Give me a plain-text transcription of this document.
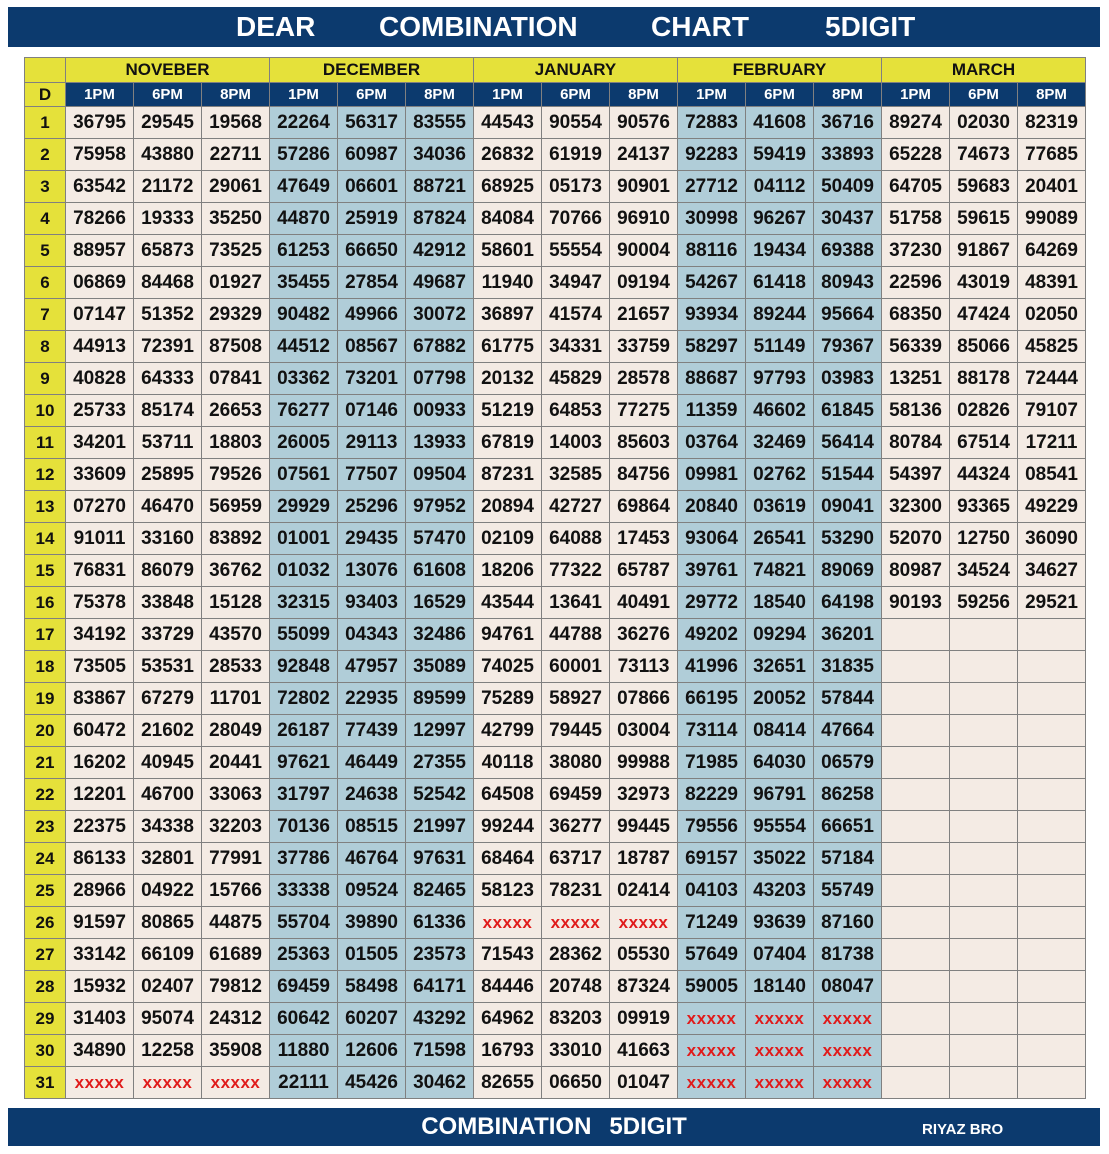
DEAR COMBINATION	CHART	5DIGIT
	NOVEBER			DECEMBER			JANUARY			FEBRUARY			MARCH		
D	1PM	6PM	8PM	1PM	6PM	8PM	1PM	6PM	8PM	1PM	6PM	8PM	1PM	6PM	8PM
1	36795	29545	19568	22264	56317	83555	44543	90554	90576	72883	41608	36716	89274	02030	82319
2	75958	43880	22711	57286	60987	34036	26832	61919	24137	92283	59419	33893	65228	74673	77685
3	63542	21172	29061	47649	06601	88721	68925	05173	90901	27712	04112	50409	64705	59683	20401
4	78266	19333	35250	44870	25919	87824	84084	70766	96910	30998	96267	30437	51758	59615	99089
5	88957	65873	73525	61253	66650	42912	58601	55554	90004	88116	19434	69388	37230	91867	64269
6	06869	84468	01927	35455	27854	49687	11940	34947	09194	54267	61418	80943	22596	43019	48391
7	07147	51352	29329	90482	49966	30072	36897	41574	21657	93934	89244	95664	68350	47424	02050
8	44913	72391	87508	44512	08567	67882	61775	34331	33759	58297	51149	79367	56339	85066	45825
9	40828	64333	07841	03362	73201	07798	20132	45829	28578	88687	97793	03983	13251	88178	72444
10	25733	85174	26653	76277	07146	00933	51219	64853	77275	11359	46602	61845	58136	02826	79107
11	34201	53711	18803	26005	29113	13933	67819	14003	85603	03764	32469	56414	80784	67514	17211
12	33609	25895	79526	07561	77507	09504	87231	32585	84756	09981	02762	51544	54397	44324	08541
13	07270	46470	56959	29929	25296	97952	20894	42727	69864	20840	03619	09041	32300	93365	49229
14	91011	33160	83892	01001	29435	57470	02109	64088	17453	93064	26541	53290	52070	12750	36090
15	76831	86079	36762	01032	13076	61608	18206	77322	65787	39761	74821	89069	80987	34524	34627
16	75378	33848	15128	32315	93403	16529	43544	13641	40491	29772	18540	64198	90193	59256	29521
17	34192	33729	43570	55099	04343	32486	94761	44788	36276	49202	09294	36201			
18	73505	53531	28533	92848	47957	35089	74025	60001	73113	41996	32651	31835			
19	83867	67279	11701	72802	22935	89599	75289	58927	07866	66195	20052	57844			
20	60472	21602	28049	26187	77439	12997	42799	79445	03004	73114	08414	47664			
21	16202	40945	20441	97621	46449	27355	40118	38080	99988	71985	64030	06579			
22	12201	46700	33063	31797	24638	52542	64508	69459	32973	82229	96791	86258			
23	22375	34338	32203	70136	08515	21997	99244	36277	99445	79556	95554	66651			
24	86133	32801	77991	37786	46764	97631	68464	63717	18787	69157	35022	57184			
25	28966	04922	15766	33338	09524	82465	58123	78231	02414	04103	43203	55749			
26	91597	80865	44875	55704	39890	61336	xxxxx	xxxxx	xxxxx	71249	93639	87160			
27	33142	66109	61689	25363	01505	23573	71543	28362	05530	57649	07404	81738			
28	15932	02407	79812	69459	58498	64171	84446	20748	87324	59005	18140	08047			
29	31403	95074	24312	60642	60207	43292	64962	83203	09919	xxxxx	xxxxx	xxxxx			
30	34890	12258	35908	11880	12606	71598	16793	33010	41663	xxxxx	xxxxx	xxxxx			
31	xxxxx	xxxxx	xxxxx	22111	45426	30462	82655	06650	01047	xxxxx	xxxxx	xxxxx			
COMBINATION 5DIGIT	RIYAZ BRO
